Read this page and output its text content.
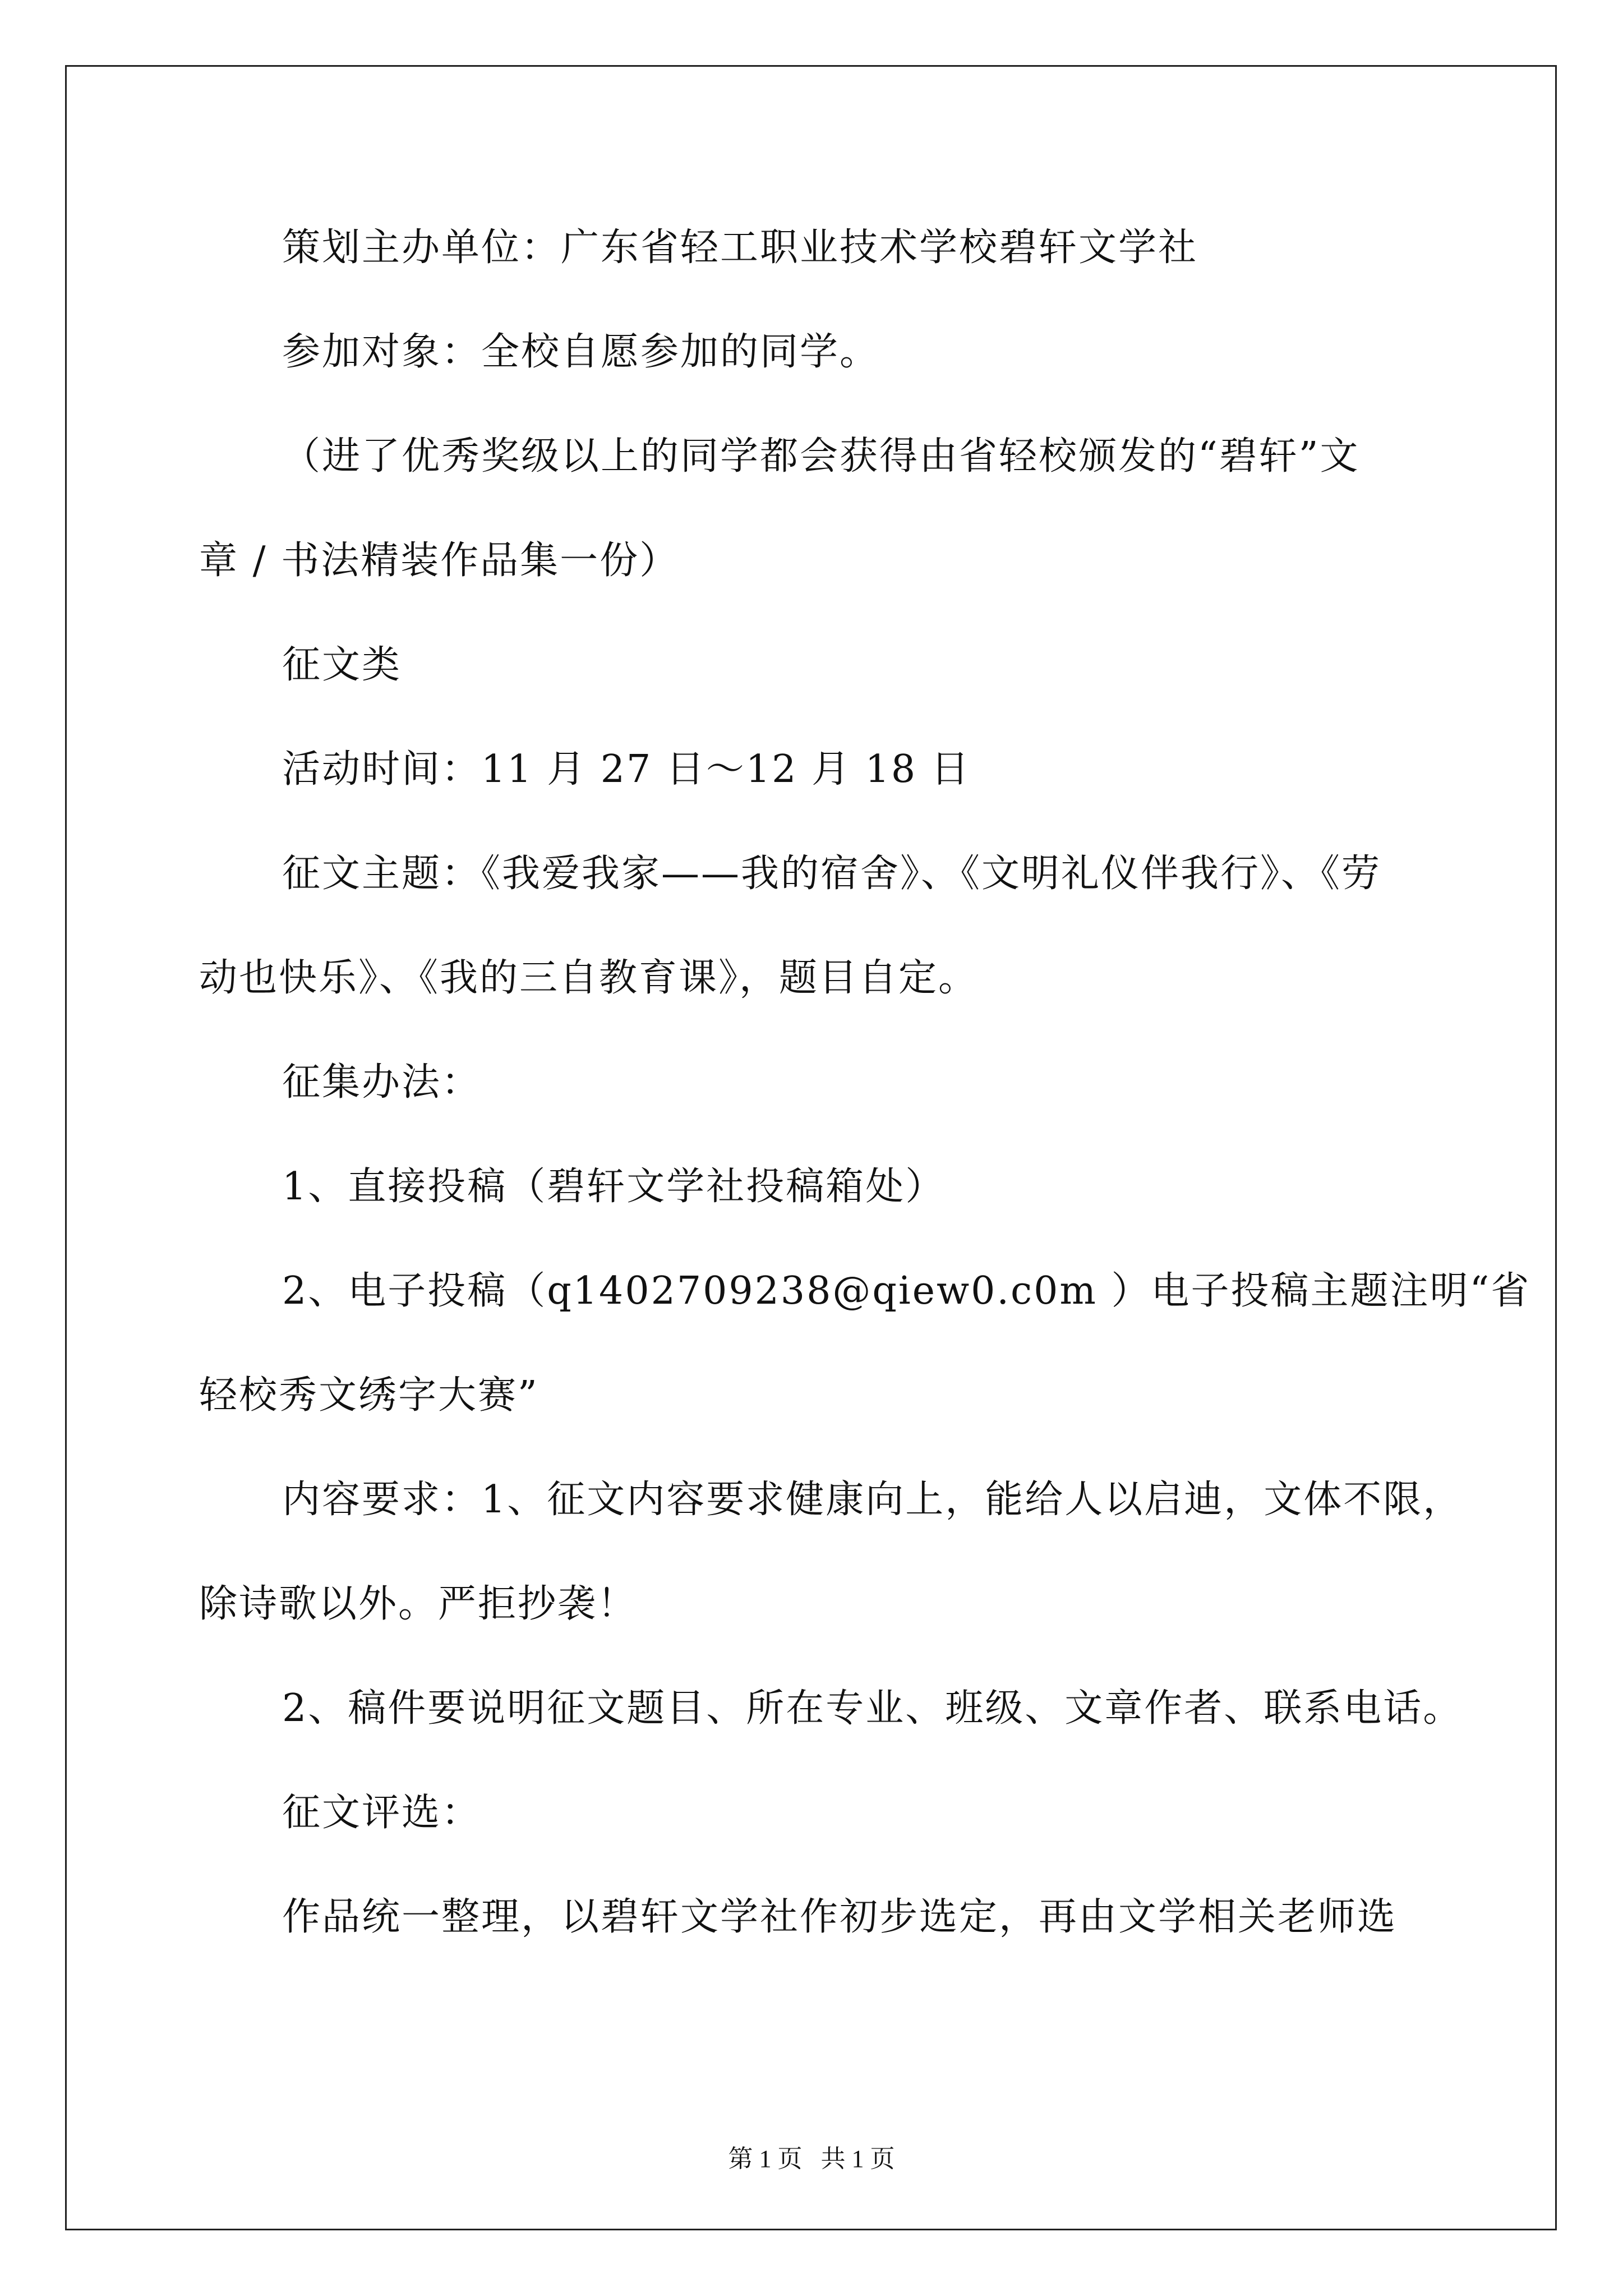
策划主办单位：广东省轻工职业技术学校碧轩文学社
参加对象：全校自愿参加的同学。
（进了优秀奖级以上的同学都会获得由省轻校颁发的“碧轩”文
章 / 书法精装作品集一份）
征文类
活动时间：11 月 27 日～12 月 18 日
征文主题：《我爱我家——我的宿舍》、《文明礼仪伴我行》、《劳
动也快乐》、《我的三自教育课》，题目自定。
征集办法：
1、直接投稿（碧轩文学社投稿箱处）
2、电子投稿（q1402709238@qiew0.c0m ）电子投稿主题注明“省
轻校秀文绣字大赛”
内容要求：1、征文内容要求健康向上，能给人以启迪，文体不限，
除诗歌以外。严拒抄袭！
2、稿件要说明征文题目、所在专业、班级、文章作者、联系电话。
征文评选：
作品统一整理，以碧轩文学社作初步选定，再由文学相关老师选
第 1 页   共 1 页
